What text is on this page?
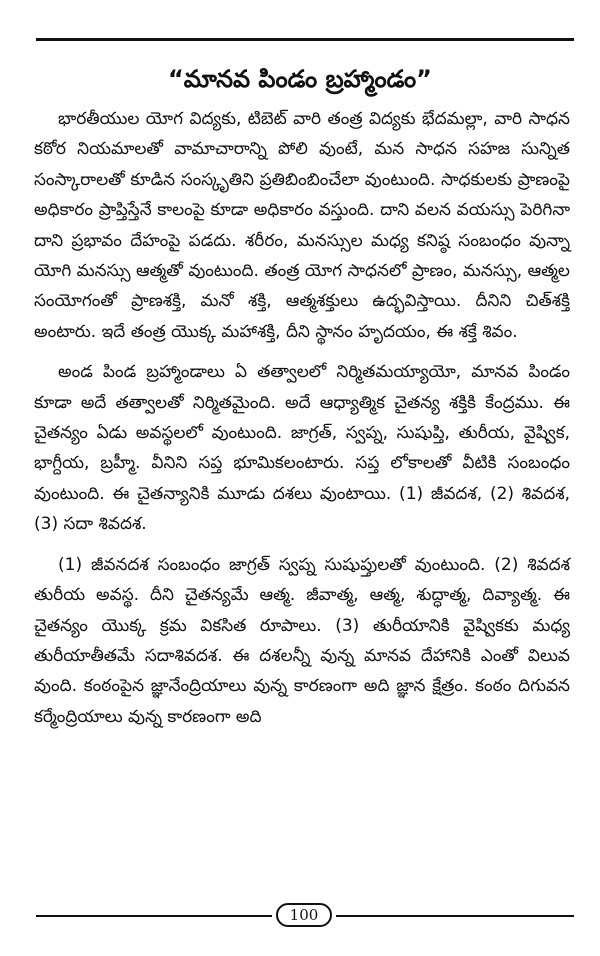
“మానవ పిండం బ్రహ్మాండం”

భారతీయుల యోగ విద్యకు, టిబెట్ వారి తంత్ర విద్యకు భేదమల్లా, వారి సాధన కఠోర నియమాలతో వామాచారాన్ని పోలి వుంటే, మన సాధన సహజ సున్నిత సంస్కారాలతో కూడిన సంస్కృతిని ప్రతిబింబించేలా వుంటుంది. సాధకులకు ప్రాణంపై అధికారం ప్రాప్తిస్తేనే కాలంపై కూడా అధికారం వస్తుంది. దాని వలన వయస్సు పెరిగినా దాని ప్రభావం దేహంపై పడదు. శరీరం, మనస్సుల మధ్య కనిష్ఠ సంబంధం వున్నా యోగి మనస్సు ఆత్మతో వుంటుంది. తంత్ర యోగ సాధనలో ప్రాణం, మనస్సు, ఆత్మల సంయోగంతో ప్రాణశక్తి, మనో శక్తి, ఆత్మశక్తులు ఉద్భవిస్తాయి. దీనిని చిత్‌శక్తి అంటారు. ఇదే తంత్ర యొక్క మహాశక్తి, దీని స్థానం హృదయం, ఈ శక్తే శివం.

అండ పిండ బ్రహ్మాండాలు ఏ తత్వాలలో నిర్మితమయ్యాయో, మానవ పిండం కూడా అదే తత్వాలతో నిర్మితమైంది. అదే ఆధ్యాత్మిక చైతన్య శక్తికి కేంద్రము. ఈ చైతన్యం ఏడు అవస్థలలో వుంటుంది. జాగ్రత్, స్వప్న, సుషుప్తి, తురీయ, వైష్విక, భాగ్దీయ, బ్రహ్మీ. వీనిని సప్త భూమికలంటారు. సప్త లోకాలతో వీటికి సంబంధం వుంటుంది. ఈ చైతన్యానికి మూడు దశలు వుంటాయి. (1) జీవదశ, (2) శివదశ, (3) సదా శివదశ.

(1) జీవనదశ సంబంధం జాగ్రత్ స్వప్న సుషుప్తులతో వుంటుంది. (2) శివదశ తురీయ అవస్థ. దీని చైతన్యమే ఆత్మ. జీవాత్మ, ఆత్మ, శుద్ధాత్మ, దివ్యాత్మ. ఈ చైతన్యం యొక్క క్రమ వికసిత రూపాలు. (3) తురీయానికి వైష్వికకు మధ్య తురీయాతీతమే సదాశివదశ. ఈ దశలన్నీ వున్న మానవ దేహానికి ఎంతో విలువ వుంది. కంఠంపైన జ్ఞానేంద్రియాలు వున్న కారణంగా అది జ్ఞాన క్షేత్రం. కంఠం దిగువన కర్మేంద్రియాలు వున్న కారణంగా అది

100
